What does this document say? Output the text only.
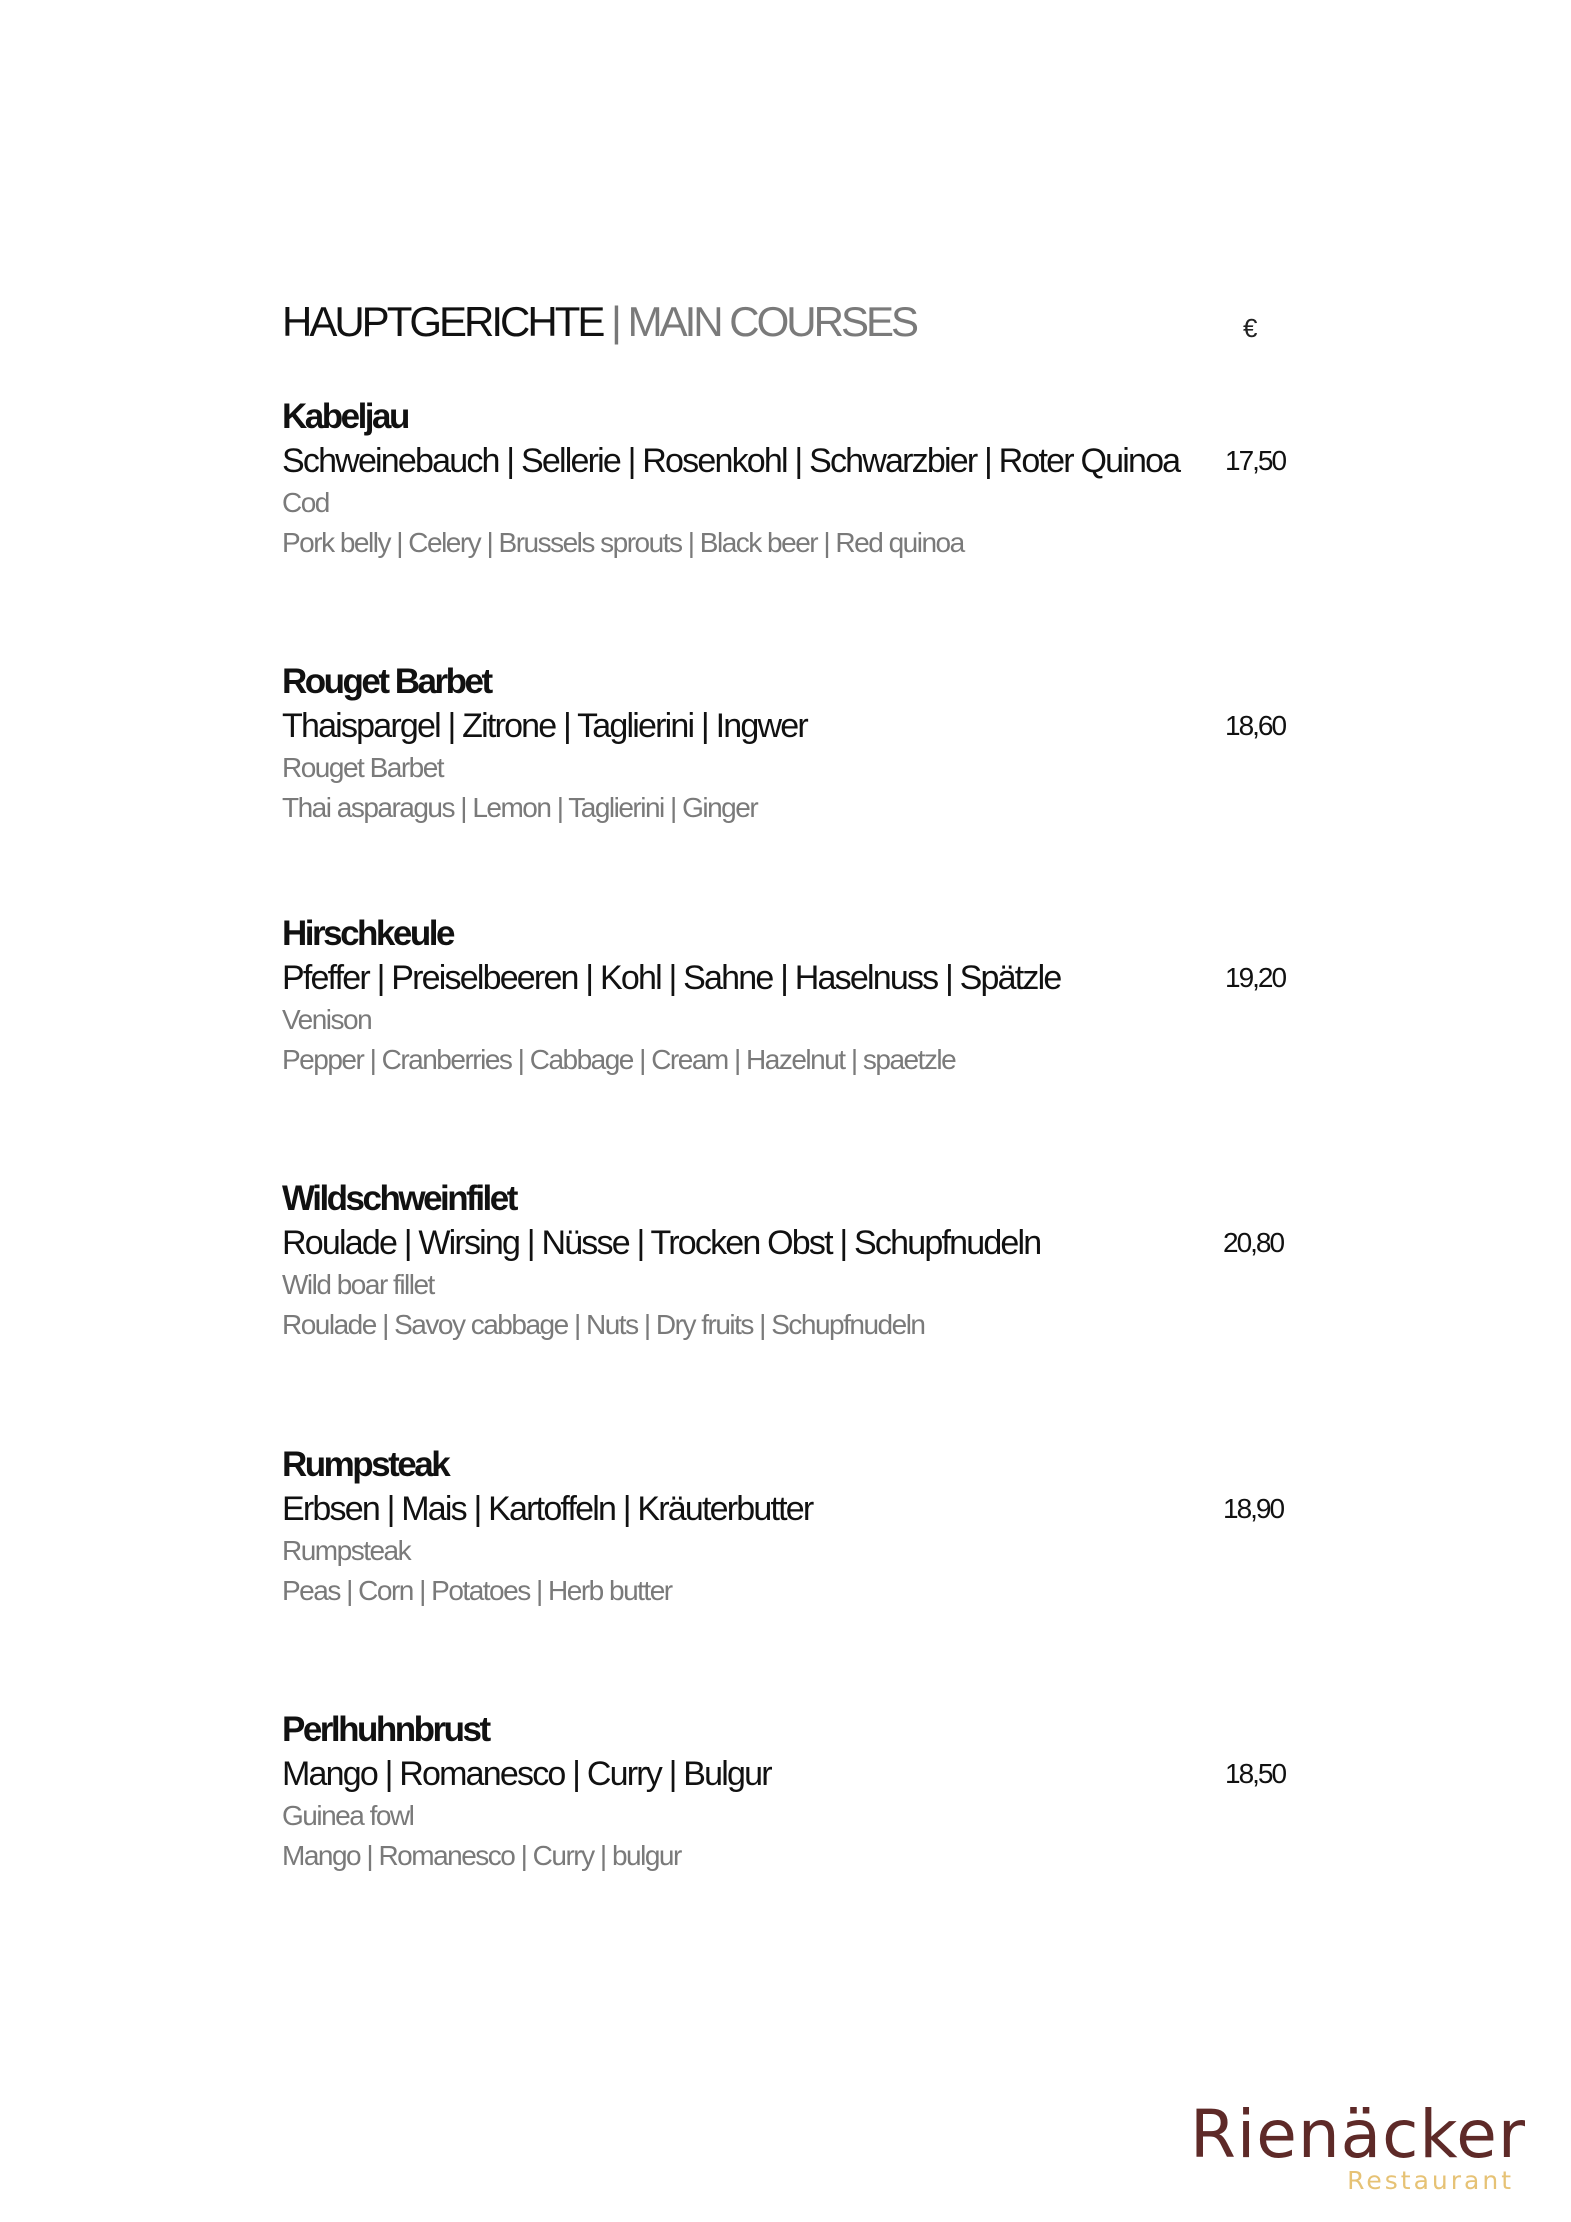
HAUPTGERICHTE | MAIN COURSES	€
Kabeljau
Schweinebauch | Sellerie | Rosenkohl | Schwarzbier | Roter Quinoa
Cod
Pork belly | Celery | Brussels sprouts | Black beer | Red quinoa
17,50
Rouget Barbet
Thaispargel | Zitrone | Taglierini | Ingwer
Rouget Barbet
Thai asparagus | Lemon | Taglierini | Ginger
18,60
Hirschkeule
Pfeffer | Preiselbeeren | Kohl | Sahne | Haselnuss | Spätzle
Venison
Pepper | Cranberries | Cabbage | Cream | Hazelnut | spaetzle
19,20
Wildschweinfilet
Roulade | Wirsing | Nüsse | Trocken Obst | Schupfnudeln
Wild boar fillet
Roulade | Savoy cabbage | Nuts | Dry fruits | Schupfnudeln
20,80
Rumpsteak
Erbsen | Mais | Kartoffeln | Kräuterbutter
Rumpsteak
Peas | Corn | Potatoes | Herb butter
18,90
Perlhuhnbrust
Mango | Romanesco | Curry | Bulgur
Guinea fowl
Mango | Romanesco | Curry | bulgur
18,50
Rienäcker
Restaurant
